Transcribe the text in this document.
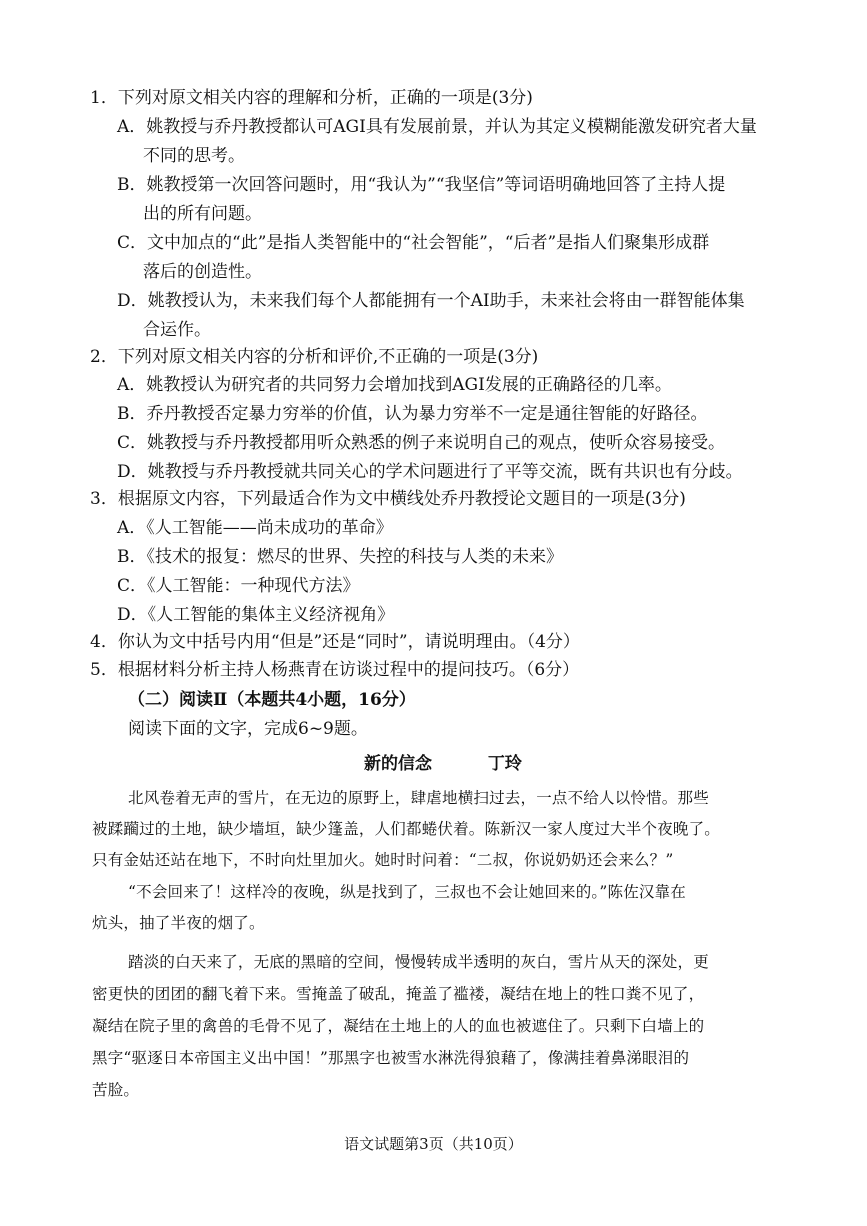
1．下列对原文相关内容的理解和分析，正确的一项是(3分)
A．姚教授与乔丹教授都认可AGI具有发展前景，并认为其定义模糊能激发研究者大量
不同的思考。
B．姚教授第一次回答问题时，用“我认为”“我坚信”等词语明确地回答了主持人提
出的所有问题。
C．文中加点的“此”是指人类智能中的“社会智能”，“后者”是指人们聚集形成群
落后的创造性。
D．姚教授认为，未来我们每个人都能拥有一个AI助手，未来社会将由一群智能体集
合运作。
2．下列对原文相关内容的分析和评价,不正确的一项是(3分)
A．姚教授认为研究者的共同努力会增加找到AGI发展的正确路径的几率。
B．乔丹教授否定暴力穷举的价值，认为暴力穷举不一定是通往智能的好路径。
C．姚教授与乔丹教授都用听众熟悉的例子来说明自己的观点，使听众容易接受。
D．姚教授与乔丹教授就共同关心的学术问题进行了平等交流，既有共识也有分歧。
3．根据原文内容，下列最适合作为文中横线处乔丹教授论文题目的一项是(3分)
A．《人工智能——尚未成功的革命》
B．《技术的报复：燃尽的世界、失控的科技与人类的未来》
C．《人工智能：一种现代方法》
D．《人工智能的集体主义经济视角》
4．你认为文中括号内用“但是”还是“同时”，请说明理由。（4分）
5．根据材料分析主持人杨燕青在访谈过程中的提问技巧。（6分）
（二）阅读Ⅱ（本题共4小题，16分）
阅读下面的文字，完成6~9题。
新的信念	丁玲
北风卷着无声的雪片，在无边的原野上，肆虐地横扫过去，一点不给人以怜惜。那些
被蹂躏过的土地，缺少墙垣，缺少篷盖，人们都蜷伏着。陈新汉一家人度过大半个夜晚了。
只有金姑还站在地下，不时向灶里加火。她时时问着：“二叔，你说奶奶还会来么？”
“不会回来了！这样冷的夜晚，纵是找到了，三叔也不会让她回来的。”陈佐汉靠在
炕头，抽了半夜的烟了。
踏淡的白天来了，无底的黑暗的空间，慢慢转成半透明的灰白，雪片从天的深处，更
密更快的团团的翻飞着下来。雪掩盖了破乱，掩盖了褴褛，凝结在地上的牲口粪不见了，
凝结在院子里的禽兽的毛骨不见了，凝结在土地上的人的血也被遮住了。只剩下白墙上的
黑字“驱逐日本帝国主义出中国！”那黑字也被雪水淋洗得狼藉了，像满挂着鼻涕眼泪的
苦脸。
语文试题第3页（共10页）
